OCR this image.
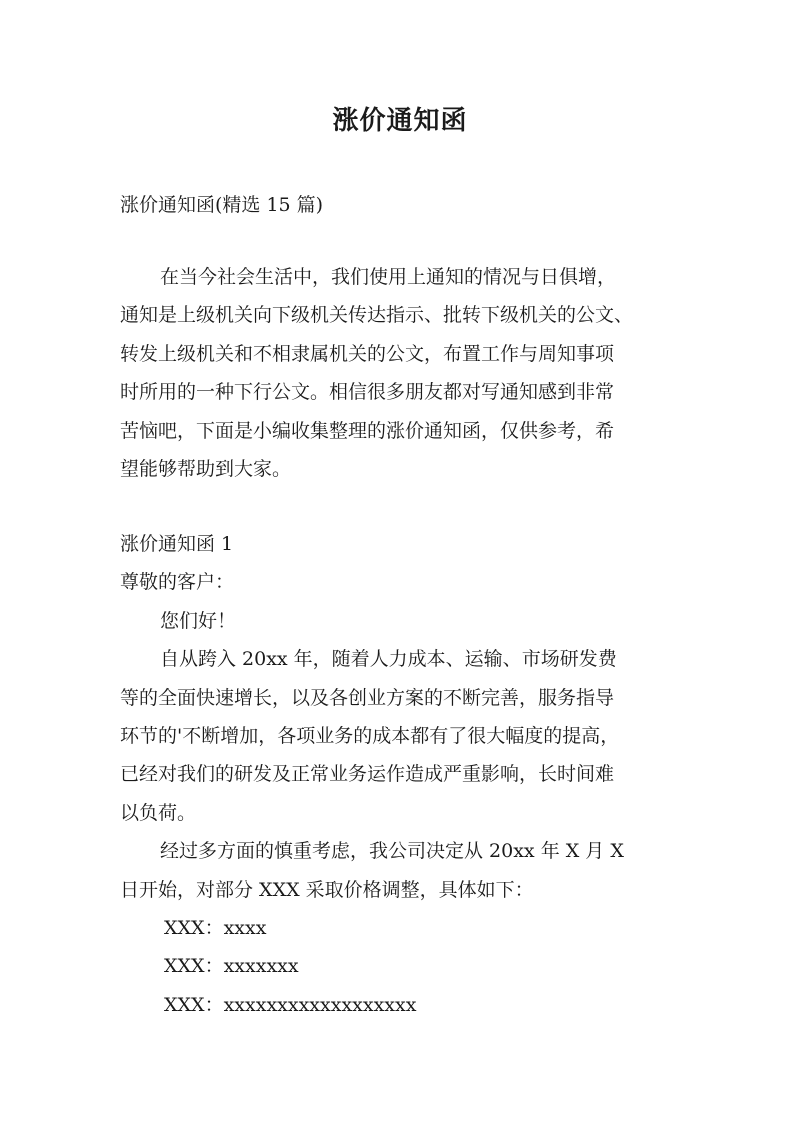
涨价通知函

涨价通知函(精选 15 篇)

在当今社会生活中，我们使用上通知的情况与日俱增，
通知是上级机关向下级机关传达指示、批转下级机关的公文、
转发上级机关和不相隶属机关的公文，布置工作与周知事项
时所用的一种下行公文。相信很多朋友都对写通知感到非常
苦恼吧，下面是小编收集整理的涨价通知函，仅供参考，希
望能够帮助到大家。
涨价通知函 1
尊敬的客户：
您们好！
自从跨入 20xx 年，随着人力成本、运输、市场研发费
等的全面快速增长，以及各创业方案的不断完善，服务指导
环节的'不断增加，各项业务的成本都有了很大幅度的提高，
已经对我们的研发及正常业务运作造成严重影响，长时间难
以负荷。
经过多方面的慎重考虑，我公司决定从 20xx 年 X 月 X
日开始，对部分 XXX 采取价格调整，具体如下：
XXX：xxxx
XXX：xxxxxxx
XXX：xxxxxxxxxxxxxxxxxx
